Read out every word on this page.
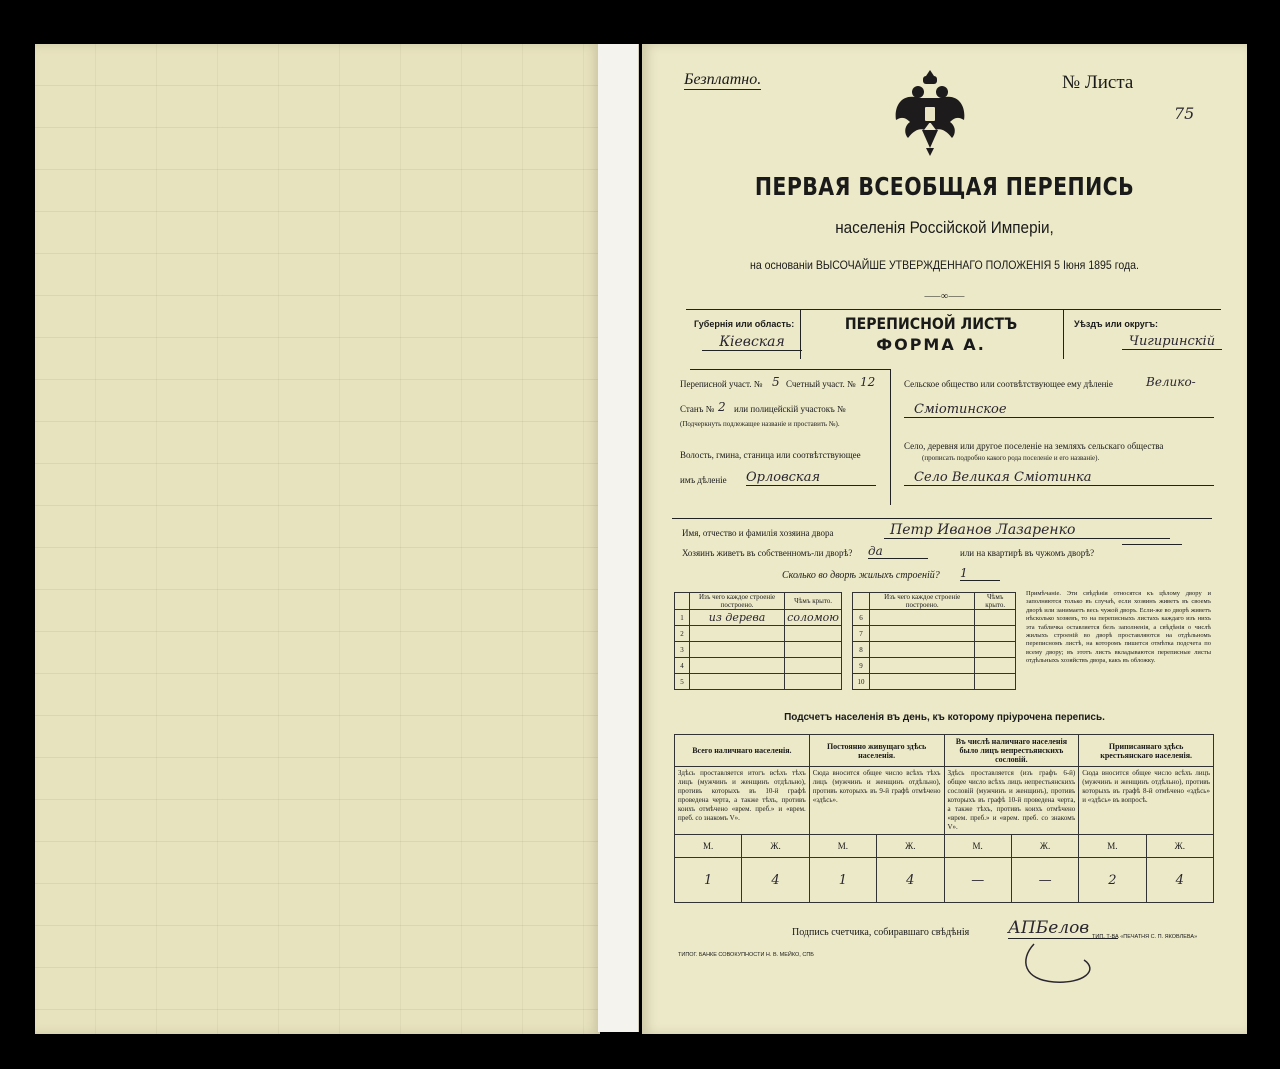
Безплатно.	№ Листа
75
ПЕРВАЯ ВСЕОБЩАЯ ПЕРЕПИСЬ
населенія Россійской Имперіи,
на основаніи ВЫСОЧАЙШЕ УТВЕРЖДЕННАГО ПОЛОЖЕНІЯ 5 Іюня 1895 года.
⸺∞⸺
Губернія или область:
Кіевская
ПЕРЕПИСНОЙ ЛИСТЪ
ФОРМА А.
Уѣздъ или округъ:
Чигиринскій
Переписной участ. № 5 Счетный участ. № 12
Станъ № 2 или полицейскій участокъ №
(Подчеркнуть подлежащее названіе и проставить №).
Волость, гмина, станица или соотвѣтствующее
имъ дѣленіе Орловская
Сельское общество или соотвѣтствующее ему дѣленіе	Велико-
Сміотинское
Село, деревня или другое поселеніе на земляхъ сельскаго общества
(прописать подробно какого рода поселеніе и его названіе).
Село Великая Сміотинка
Имя, отчество и фамилія хозяина двора	Петр Иванов Лазаренко
Хозяинъ живетъ въ собственномъ-ли дворѣ? да	или на квартирѣ въ чужомъ дворѣ?
Сколько во дворѣ жилыхъ строеній? 1
	Изъ чего каждое строеніе построено.	Чѣмъ крыто.
1	из дерева	соломою
2		
3		
4		
5		
	Изъ чего каждое строеніе построено.	Чѣмъ крыто.
6		
7		
8		
9		
10		
Примѣчаніе. Эти свѣдѣнія относятся къ цѣлому двору и заполняются только въ случаѣ, если хозяинъ живетъ въ своемъ дворѣ или занимаетъ весь чужой дворъ. Если-же во дворѣ живетъ нѣсколько хозяевъ, то на переписныхъ листахъ каждаго изъ нихъ эта табличка оставляется безъ заполненія, а свѣдѣнія о числѣ жилыхъ строеній во дворѣ проставляются на отдѣльномъ переписномъ листѣ, на которомъ пишется отмѣтка подсчета по всему двору; въ этотъ листъ вкладываются переписные листы отдѣльныхъ хозяйствъ двора, какъ въ обложку.
Подсчетъ населенія въ день, къ которому пріурочена перепись.
Всего наличнаго населенія.		Постоянно живущаго здѣсь населенія.		Въ числѣ наличнаго населенія было лицъ непрестьянскихъ сословій.		Приписаннаго здѣсь крестьянскаго населенія.	
Здѣсь проставляется итогъ всѣхъ тѣхъ лицъ (мужчинъ и женщинъ отдѣльно), противъ которыхъ въ 10-й графѣ проведена черта, а также тѣхъ, противъ коихъ отмѣчено «врем. преб.» и «врем. преб. со знакомъ V».		Сюда вносится общее число всѣхъ тѣхъ лицъ (мужчинъ и женщинъ отдѣльно), противъ которыхъ въ 9-й графѣ отмѣчено «здѣсь».		Здѣсь проставляется (изъ графъ 6-й) общее число всѣхъ лицъ непрестьянскихъ сословій (мужчинъ и женщинъ), противъ которыхъ въ графѣ 10-й проведена черта, а также тѣхъ, противъ коихъ отмѣчено «врем. преб.» и «врем. преб. со знакомъ V».		Сюда вносится общее число всѣхъ лицъ (мужчинъ и женщинъ отдѣльно), противъ которыхъ въ графѣ 8-й отмѣчено «здѣсь» и «здѣсь» въ вопросѣ.	
М.	Ж.	М.	Ж.	М.	Ж.	М.	Ж.
1	4	1	4	—	—	2	4
Подпись счетчика, собиравшаго свѣдѣнія АПБелов
ТИПОГ. БАНКЕ СОВОКУПНОСТИ Н. В. МЕЙКО, СПБ
ТИП. Т-ВА «ПЕЧАТНЯ С. П. ЯКОВЛЕВА»
